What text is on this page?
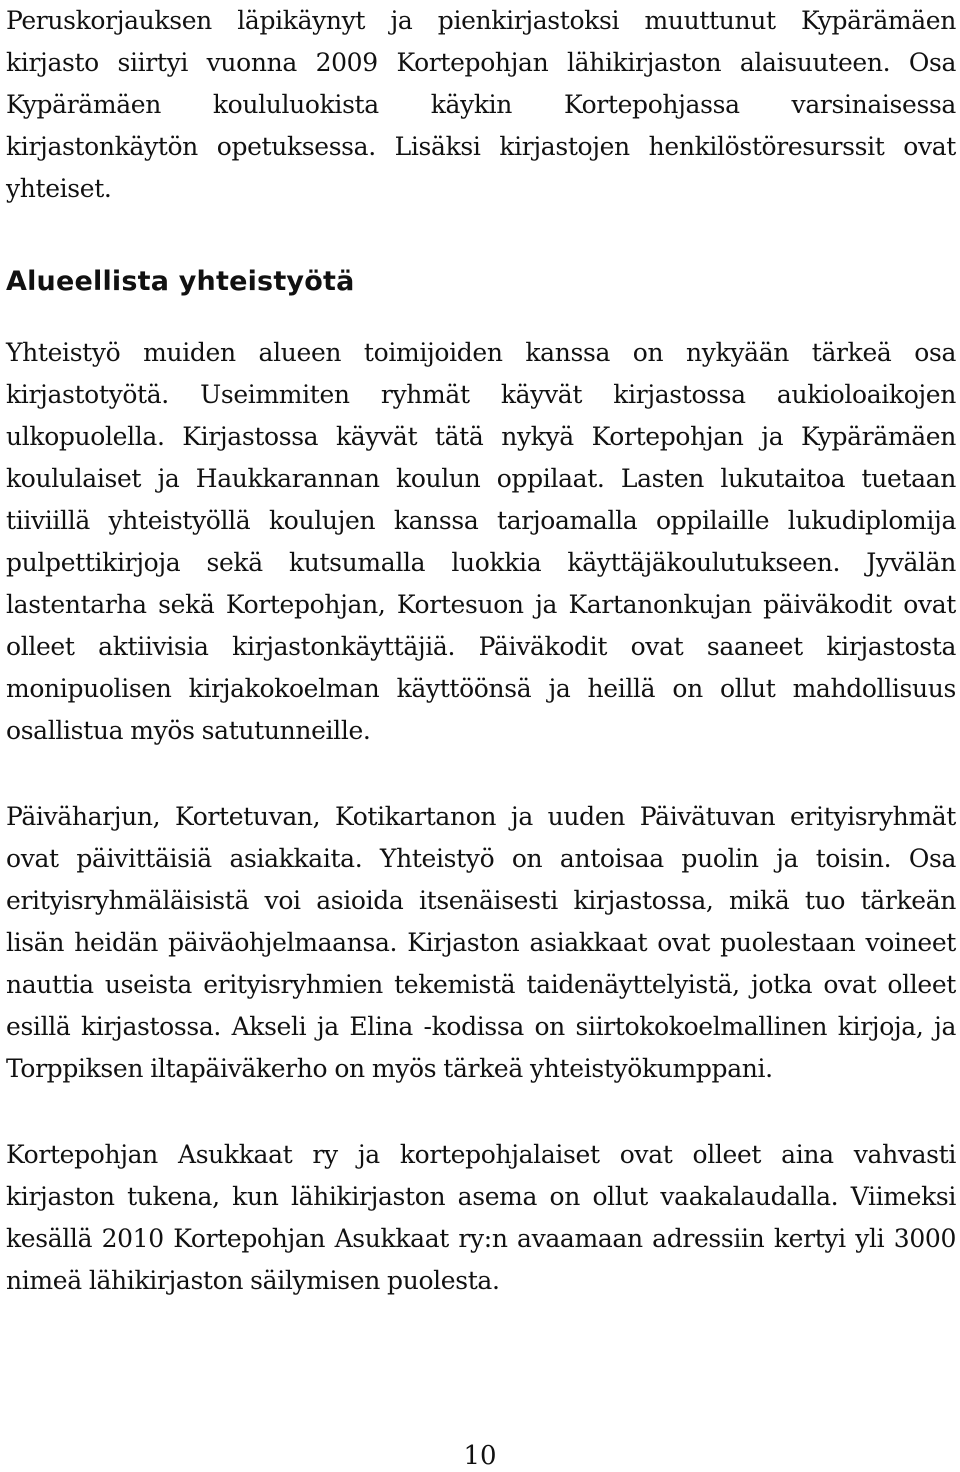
Peruskorjauksen läpikäynyt ja pienkirjastoksi muuttunut Kypärämäen kirjasto siirtyi vuonna 2009 Kortepohjan lähikirjaston alaisuuteen. Osa Kypärämäen koululuokista käykin Kortepohjassa varsinaisessa kirjastonkäytön opetuksessa. Lisäksi kirjastojen henkilöstöresurssit ovat yhteiset.

Alueellista yhteistyötä

Yhteistyö muiden alueen toimijoiden kanssa on nykyään tärkeä osa kirjastotyötä. Useimmiten ryhmät käyvät kirjastossa aukioloaikojen ulkopuolella. Kirjastossa käyvät tätä nykyä Kortepohjan ja Kypärämäen koululaiset ja Haukkarannan koulun oppilaat. Lasten lukutaitoa tuetaan tiiviillä yhteistyöllä koulujen kanssa tarjoamalla oppilaille lukudiplomija pulpettikirjoja sekä kutsumalla luokkia käyttäjäkoulutukseen. Jyvälän lastentarha sekä Kortepohjan, Kortesuon ja Kartanonkujan päiväkodit ovat olleet aktiivisia kirjastonkäyttäjiä. Päiväkodit ovat saaneet kirjastosta monipuolisen kirjakokoelman käyttöönsä ja heillä on ollut mahdollisuus osallistua myös satutunneille.

Päiväharjun, Kortetuvan, Kotikartanon ja uuden Päivätuvan erityisryhmät ovat päivittäisiä asiakkaita. Yhteistyö on antoisaa puolin ja toisin. Osa erityisryhmäläisistä voi asioida itsenäisesti kirjastossa, mikä tuo tärkeän lisän heidän päiväohjelmaansa. Kirjaston asiakkaat ovat puolestaan voineet nauttia useista erityisryhmien tekemistä taidenäyttelyistä, jotka ovat olleet esillä kirjastossa. Akseli ja Elina -kodissa on siirtokokoelmallinen kirjoja, ja Torppiksen iltapäiväkerho on myös tärkeä yhteistyökumppani.

Kortepohjan Asukkaat ry ja kortepohjalaiset ovat olleet aina vahvasti kirjaston tukena, kun lähikirjaston asema on ollut vaakalaudalla. Viimeksi kesällä 2010 Kortepohjan Asukkaat ry:n avaamaan adressiin kertyi yli 3000 nimeä lähikirjaston säilymisen puolesta.

10
